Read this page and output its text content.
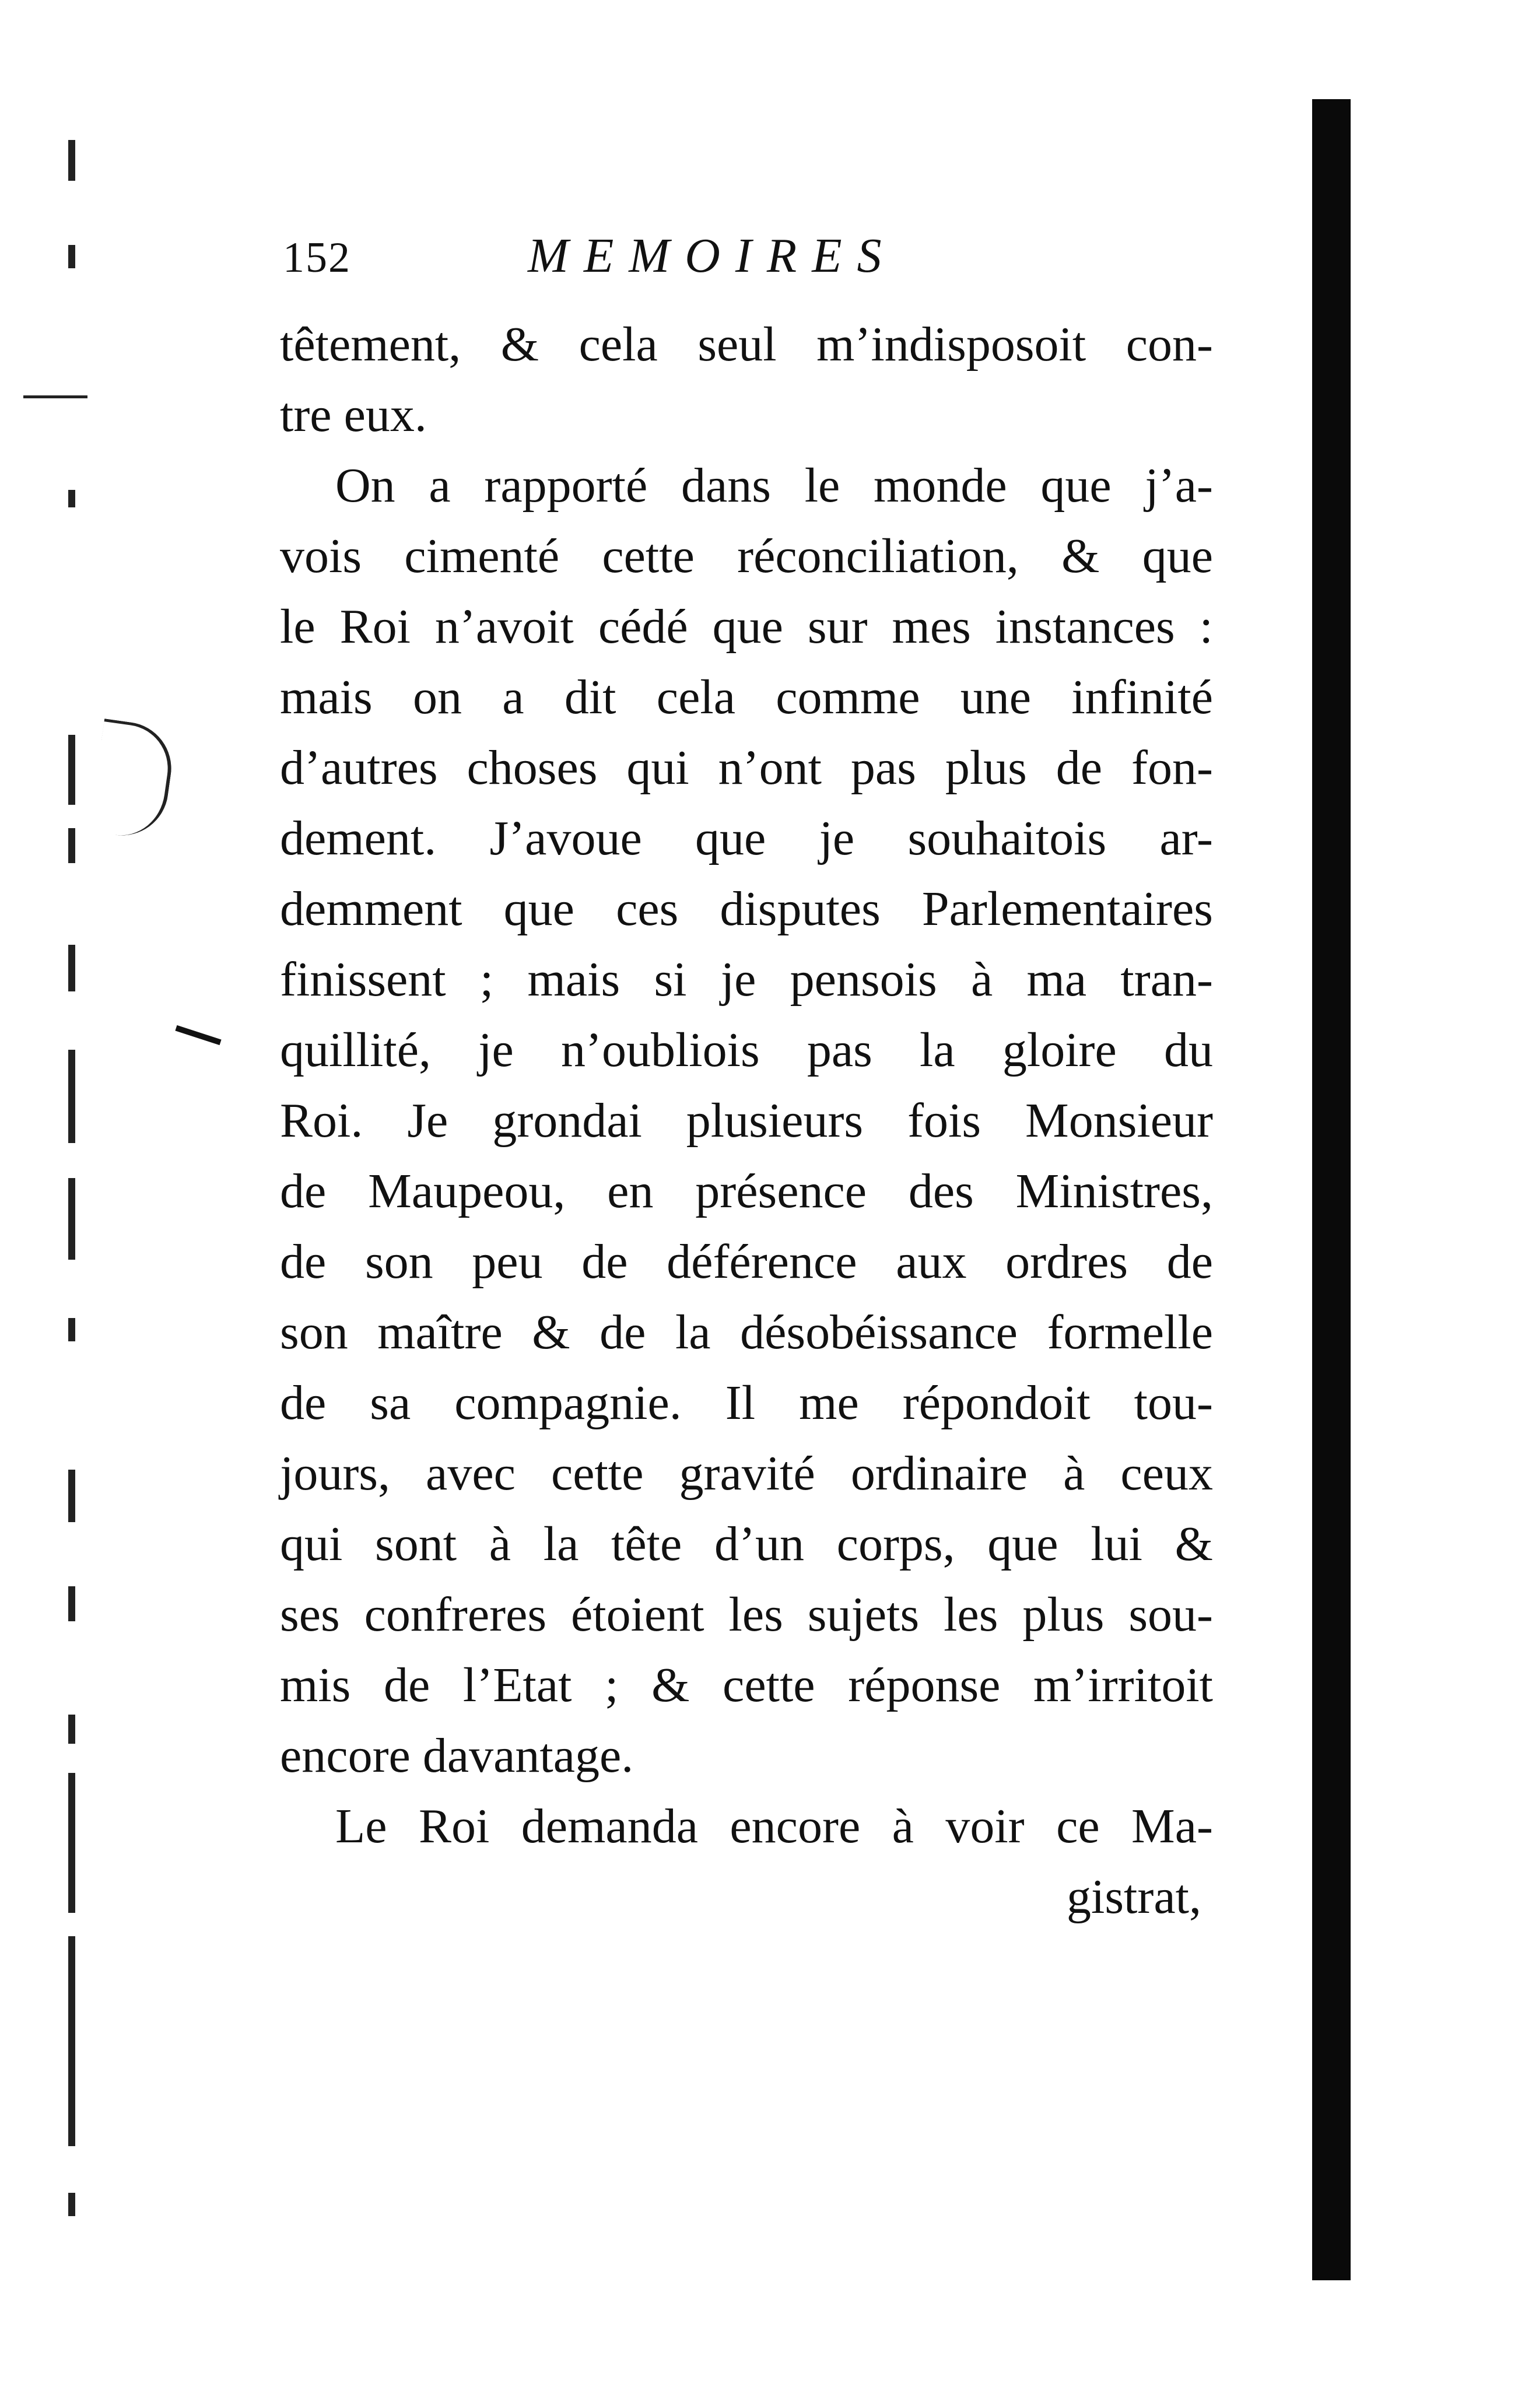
152	MEMOIRES
têtement, & cela seul m’indisposoit con-
tre eux.
On a rapporté dans le monde que j’a-
vois cimenté cette réconciliation, & que
le Roi n’avoit cédé que sur mes instances :
mais on a dit cela comme une infinité
d’autres choses qui n’ont pas plus de fon-
dement. J’avoue que je souhaitois ar-
demment que ces disputes Parlementaires
finissent ; mais si je pensois à ma tran-
quillité, je n’oubliois pas la gloire du
Roi. Je grondai plusieurs fois Monsieur
de Maupeou, en présence des Ministres,
de son peu de déférence aux ordres de
son maître & de la désobéissance formelle
de sa compagnie. Il me répondoit tou-
jours, avec cette gravité ordinaire à ceux
qui sont à la tête d’un corps, que lui &
ses confreres étoient les sujets les plus sou-
mis de l’Etat ; & cette réponse m’irritoit
encore davantage.
Le Roi demanda encore à voir ce Ma-
gistrat,
